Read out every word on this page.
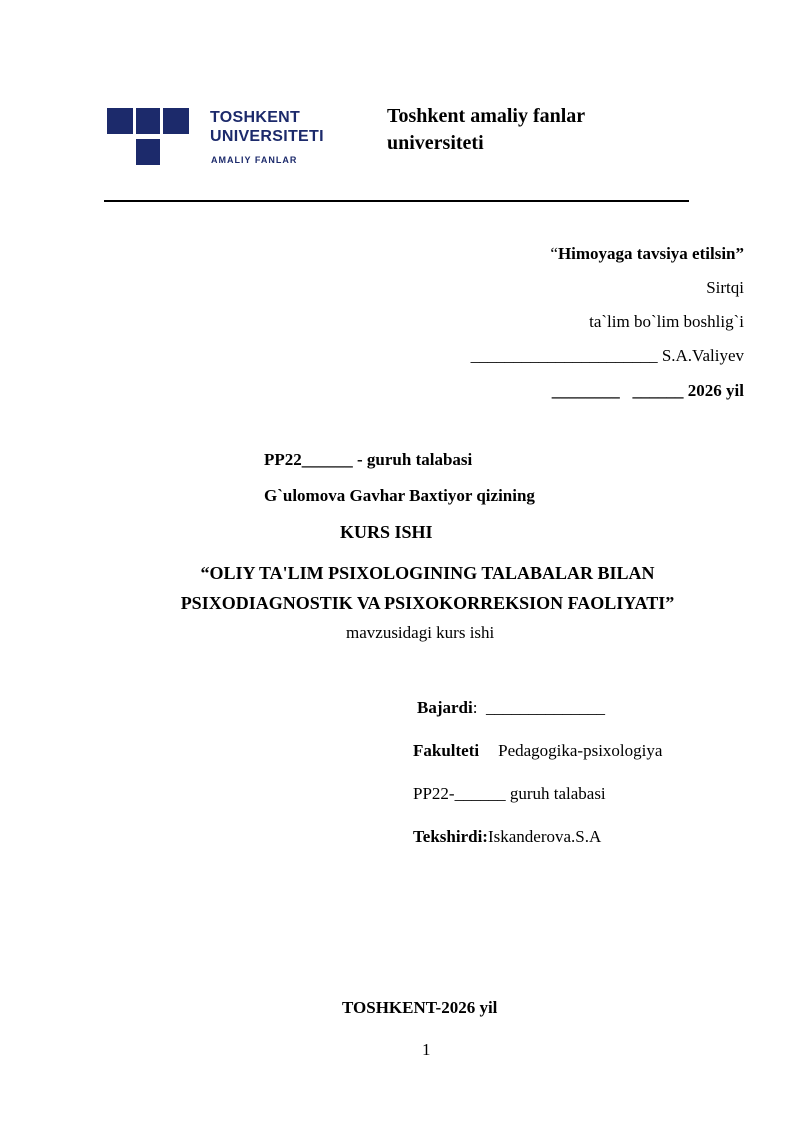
TOSHKENT
UNIVERSITETI
AMALIY FANLAR
Toshkent amaliy fanlar
universiteti
“Himoyaga tavsiya etilsin”
Sirtqi
ta`lim bo`lim boshlig`i
______________________ S.A.Valiyev
________   ______ 2026 yil
PP22______ - guruh talabasi
G`ulomova Gavhar Baxtiyor qizining
KURS ISHI
“OLIY TA'LIM PSIXOLOGINING TALABALAR BILAN
PSIXODIAGNOSTIK VA PSIXOKORREKSION FAOLIYATI”
mavzusidagi kurs ishi
Bajardi:  ______________
Fakulteti Pedagogika-psixologiya
PP22-______ guruh talabasi
Tekshirdi:Iskanderova.S.A
TOSHKENT-2026 yil
1
